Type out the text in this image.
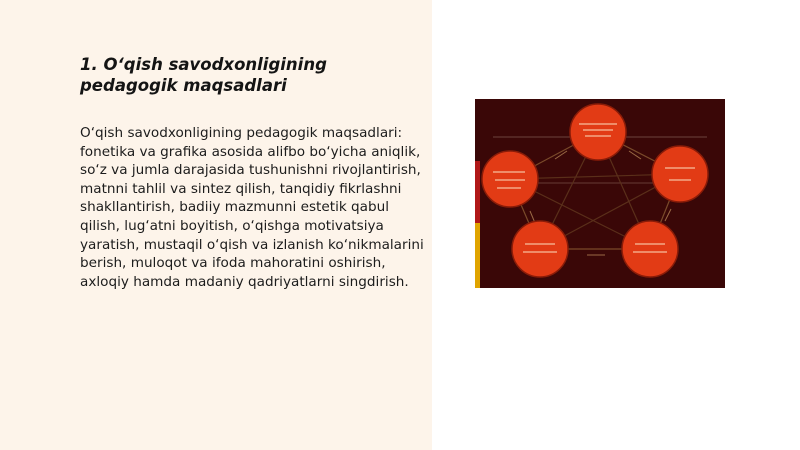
1. O‘qish savodxonligining pedagogik maqsadlari

O‘qish savodxonligining pedagogik maqsadlari: fonetika va grafika asosida alifbo bo‘yicha aniqlik, so‘z va jumla darajasida tushunishni rivojlantirish, matnni tahlil va sintez qilish, tanqidiy fikrlashni shakllantirish, badiiy mazmunni estetik qabul qilish, lug‘atni boyitish, o‘qishga motivatsiya yaratish, mustaqil o‘qish va izlanish ko‘nikmalarini berish, muloqot va ifoda mahoratini oshirish, axloqiy hamda madaniy qadriyatlarni singdirish.
